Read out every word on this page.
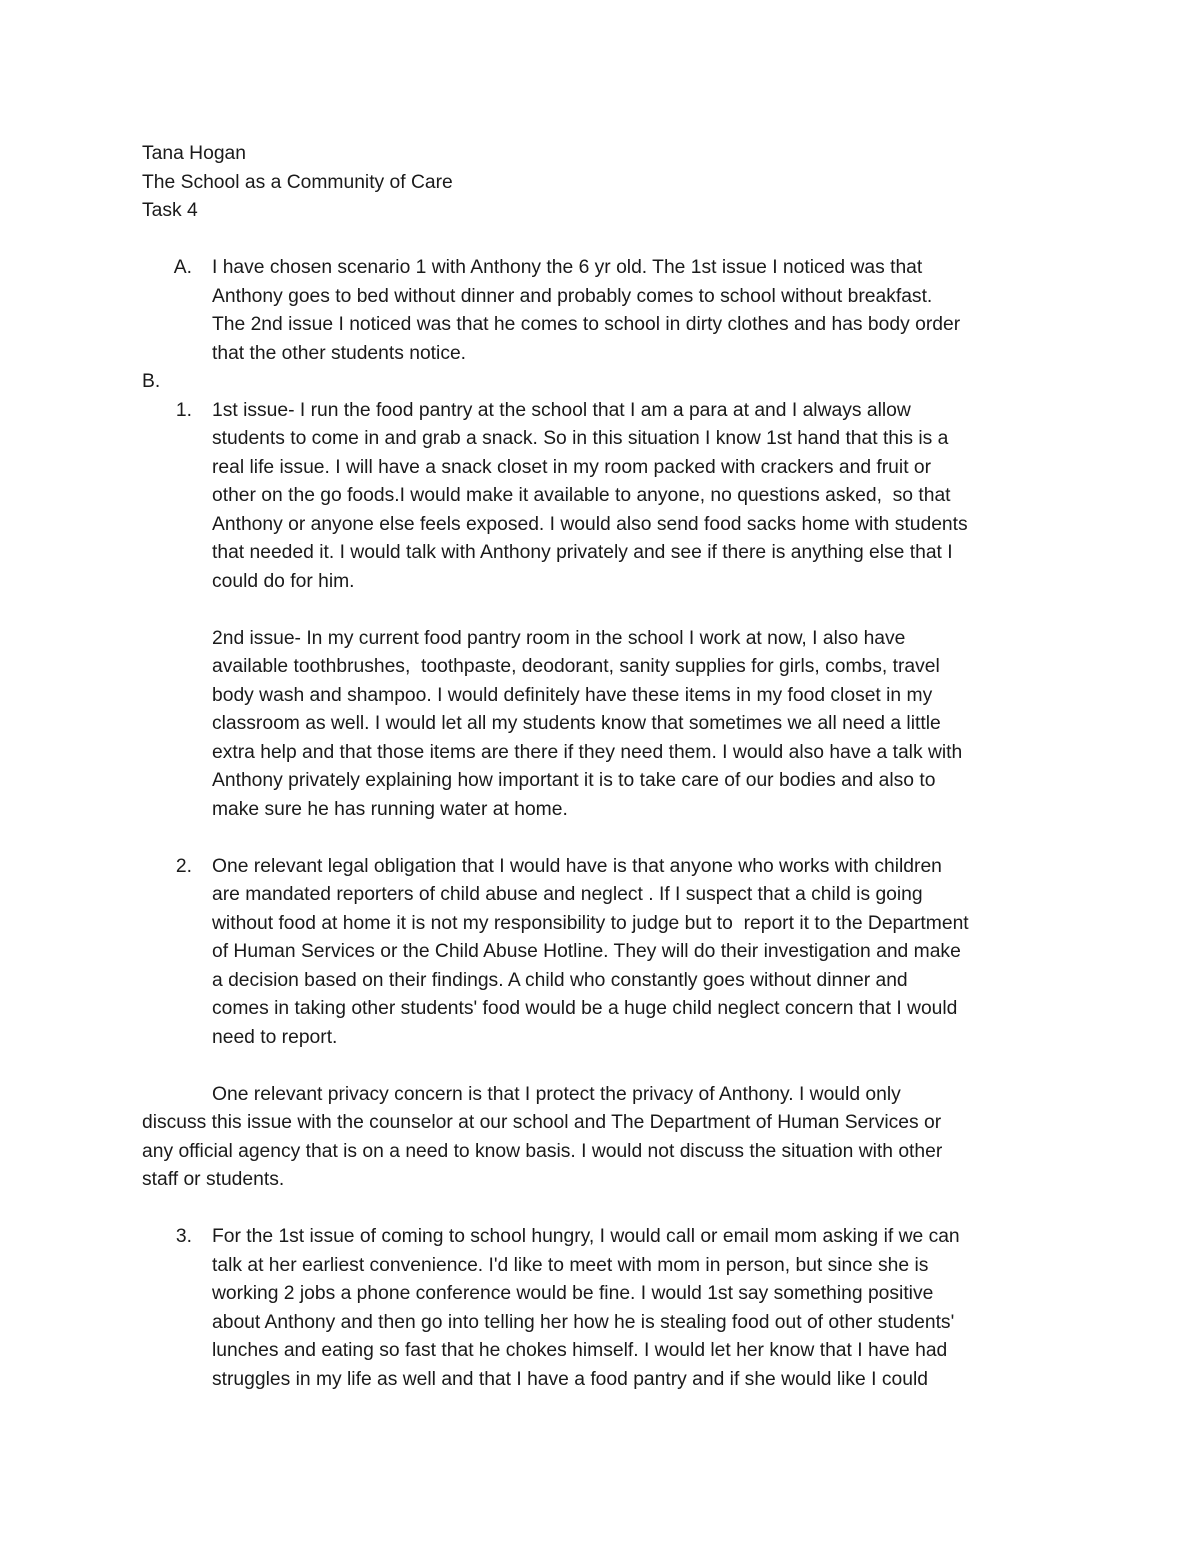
Tana Hogan
The School as a Community of Care
Task 4
A. I have chosen scenario 1 with Anthony the 6 yr old. The 1st issue I noticed was that
Anthony goes to bed without dinner and probably comes to school without breakfast.
The 2nd issue I noticed was that he comes to school in dirty clothes and has body order
that the other students notice.
B.
1. 1st issue- I run the food pantry at the school that I am a para at and I always allow
students to come in and grab a snack. So in this situation I know 1st hand that this is a
real life issue. I will have a snack closet in my room packed with crackers and fruit or
other on the go foods.I would make it available to anyone, no questions asked,  so that
Anthony or anyone else feels exposed. I would also send food sacks home with students
that needed it. I would talk with Anthony privately and see if there is anything else that I
could do for him.
2nd issue- In my current food pantry room in the school I work at now, I also have
available toothbrushes,  toothpaste, deodorant, sanity supplies for girls, combs, travel
body wash and shampoo. I would definitely have these items in my food closet in my
classroom as well. I would let all my students know that sometimes we all need a little
extra help and that those items are there if they need them. I would also have a talk with
Anthony privately explaining how important it is to take care of our bodies and also to
make sure he has running water at home.
2. One relevant legal obligation that I would have is that anyone who works with children
are mandated reporters of child abuse and neglect . If I suspect that a child is going
without food at home it is not my responsibility to judge but to  report it to the Department
of Human Services or the Child Abuse Hotline. They will do their investigation and make
a decision based on their findings. A child who constantly goes without dinner and
comes in taking other students' food would be a huge child neglect concern that I would
need to report.
One relevant privacy concern is that I protect the privacy of Anthony. I would only
discuss this issue with the counselor at our school and The Department of Human Services or
any official agency that is on a need to know basis. I would not discuss the situation with other
staff or students.
3. For the 1st issue of coming to school hungry, I would call or email mom asking if we can
talk at her earliest convenience. I'd like to meet with mom in person, but since she is
working 2 jobs a phone conference would be fine. I would 1st say something positive
about Anthony and then go into telling her how he is stealing food out of other students'
lunches and eating so fast that he chokes himself. I would let her know that I have had
struggles in my life as well and that I have a food pantry and if she would like I could
